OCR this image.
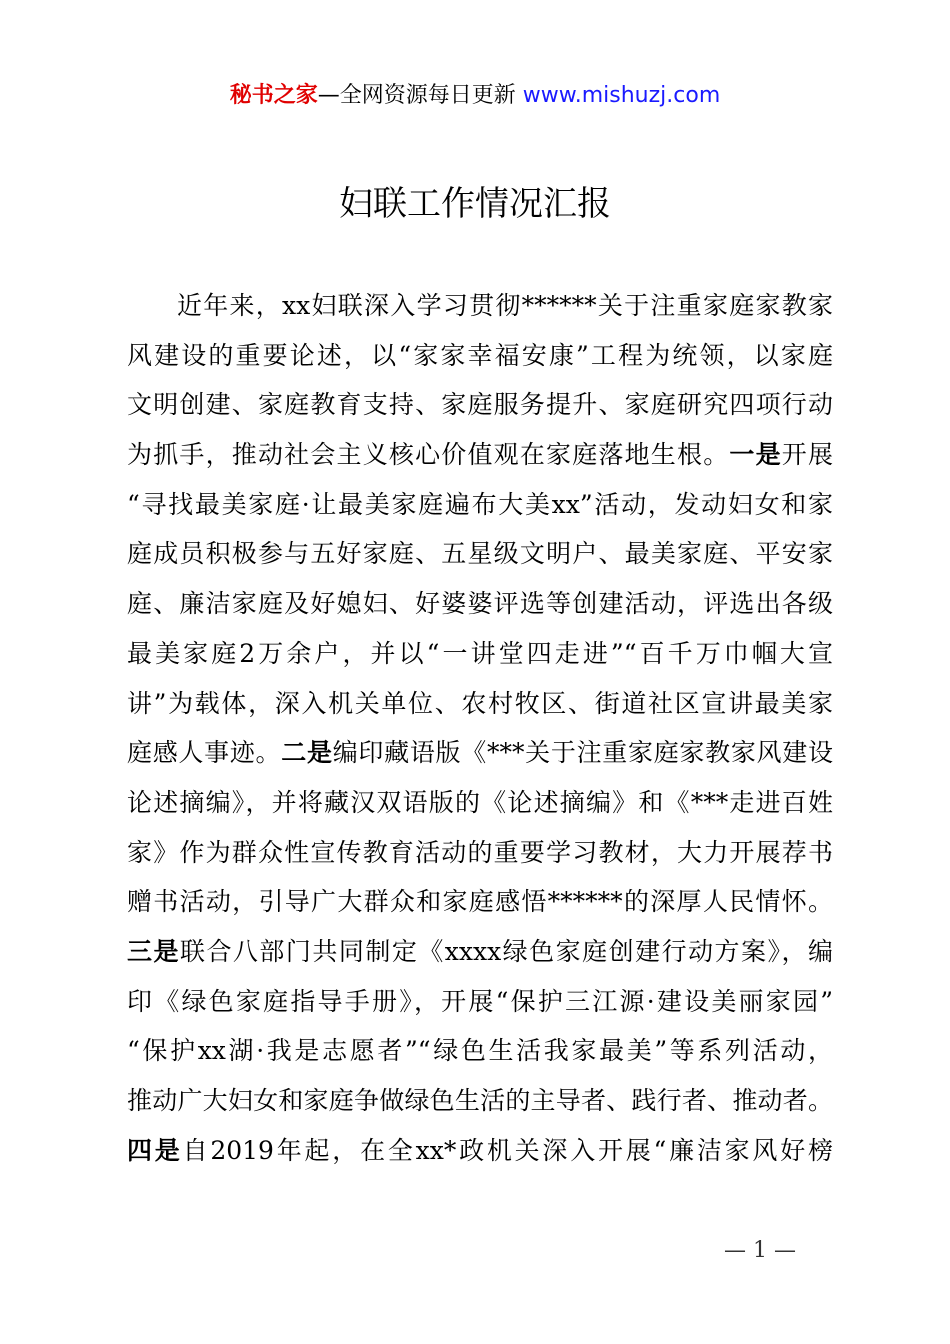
秘书之家—全网资源每日更新 www.mishuzj.com
妇联工作情况汇报
近年来，xx妇联深入学习贯彻******关于注重家庭家教家
风建设的重要论述，以“家家幸福安康”工程为统领，以家庭
文明创建、家庭教育支持、家庭服务提升、家庭研究四项行动
为抓手，推动社会主义核心价值观在家庭落地生根。一是开展
“寻找最美家庭·让最美家庭遍布大美xx”活动，发动妇女和家
庭成员积极参与五好家庭、五星级文明户、最美家庭、平安家
庭、廉洁家庭及好媳妇、好婆婆评选等创建活动，评选出各级
最美家庭2万余户，并以“一讲堂四走进”“百千万巾帼大宣
讲”为载体，深入机关单位、农村牧区、街道社区宣讲最美家
庭感人事迹。二是编印藏语版《***关于注重家庭家教家风建设
论述摘编》，并将藏汉双语版的《论述摘编》和《***走进百姓
家》作为群众性宣传教育活动的重要学习教材，大力开展荐书
赠书活动，引导广大群众和家庭感悟******的深厚人民情怀。
三是联合八部门共同制定《xxxx绿色家庭创建行动方案》，编
印《绿色家庭指导手册》，开展“保护三江源·建设美丽家园”
“保护xx湖·我是志愿者”“绿色生活我家最美”等系列活动，
推动广大妇女和家庭争做绿色生活的主导者、践行者、推动者。
四是自2019年起，在全xx*政机关深入开展“廉洁家风好榜
— 1 —
